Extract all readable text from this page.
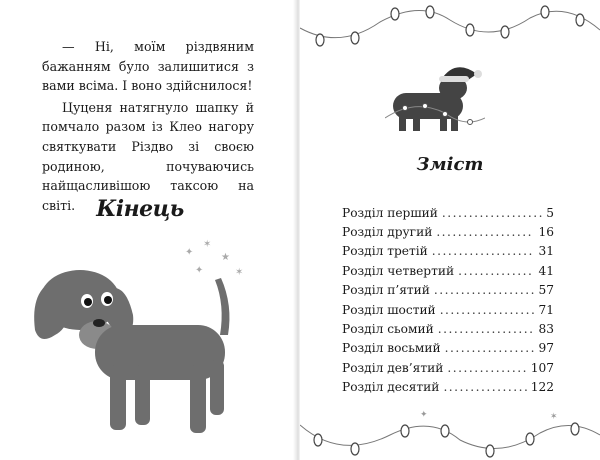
— Ні, моїм різдвяним бажанням було залишитися з вами всіма. І воно здійснилося!

Цуценя натягнуло шапку й помчало разом із Клео нагору святкувати Різдво зі своєю родиною, почуваючись найщасливішою таксою на світі. Кінець
✦
✶
★
✦	✶
Зміст
Розділ перший .....	5
Розділ другий .....	16
Розділ третій .....	31
Розділ четвертий .....	41
Розділ п’ятий .....	57
Розділ шостий .....	71
Розділ сьомий .....	83
Розділ восьмий .....	97
Розділ дев’ятий .....	107
Розділ десятий .....	122
✦	✶
